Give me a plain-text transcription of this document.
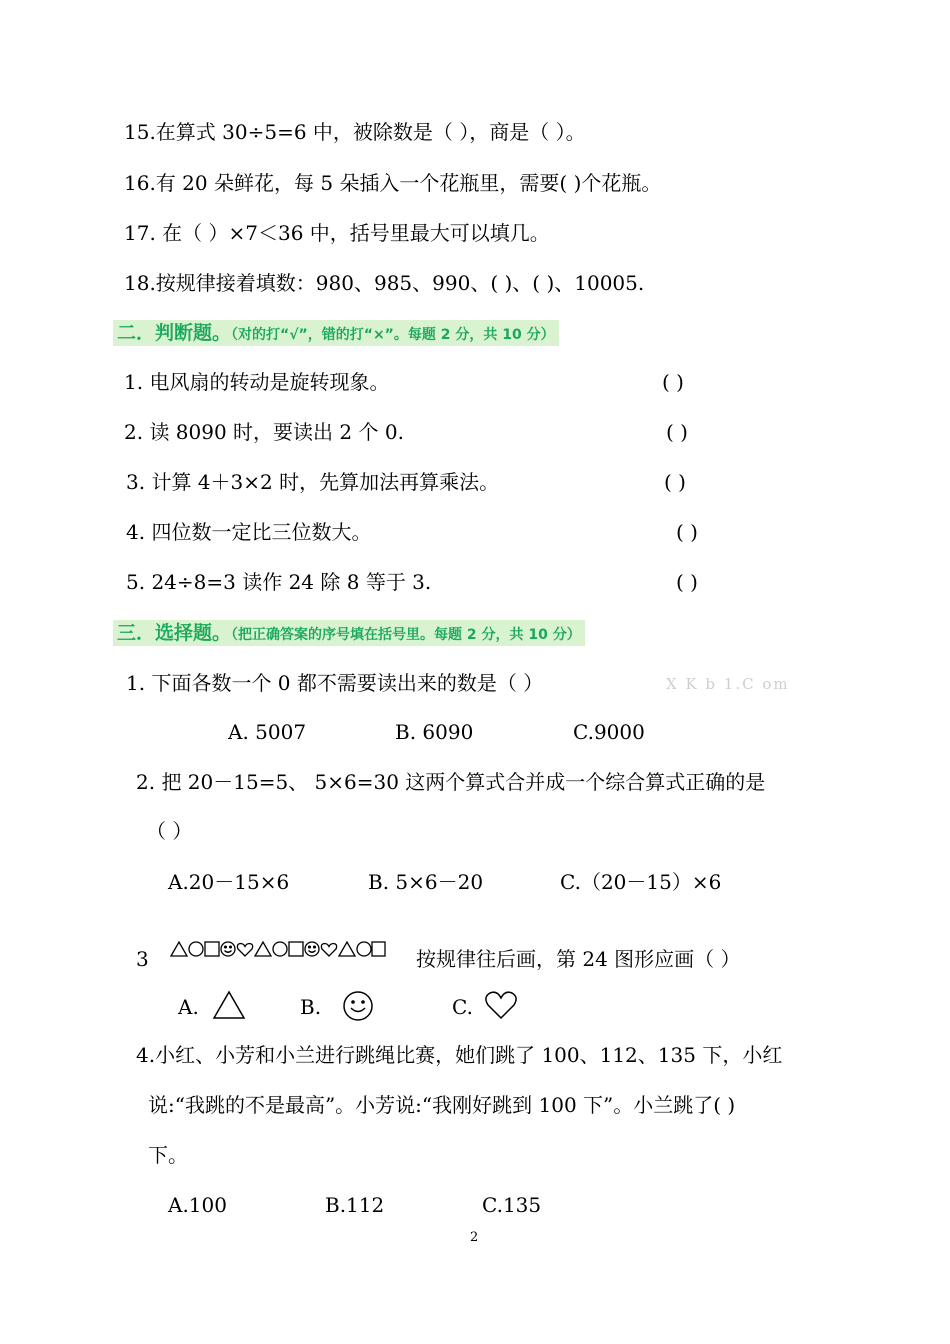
15.在算式 30÷5=6 中，被除数是（ ），商是（ ）。
16.有 20 朵鲜花，每 5 朵插入一个花瓶里，需要( )个花瓶。
17. 在（ ）×7＜36 中，括号里最大可以填几。
18.按规律接着填数：980、985、990、( )、( )、10005.
二．判断题。（对的打“√”，错的打“×”。每题 2 分，共 10 分）
1. 电风扇的转动是旋转现象。	( )
2. 读 8090 时，要读出 2 个 0.	( )
3. 计算 4＋3×2 时，先算加法再算乘法。	( )
4. 四位数一定比三位数大。	( )
5. 24÷8=3 读作 24 除 8 等于 3.	( )
三．选择题。（把正确答案的序号填在括号里。每题 2 分，共 10 分）
1. 下面各数一个 0 都不需要读出来的数是（ ）	X K b 1.C om
A. 5007	B. 6090	C.9000
2. 把 20－15=5、 5×6=30 这两个算式合并成一个综合算式正确的是
（ ）
A.20－15×6	B. 5×6－20	C.（20－15）×6
3	按规律往后画，第 24 图形应画（ ）
A.	B.	C.
4.小红、小芳和小兰进行跳绳比赛，她们跳了 100、112、135 下，小红
说:“我跳的不是最高”。小芳说:“我刚好跳到 100 下”。小兰跳了( )
下。
A.100	B.112	C.135
2
